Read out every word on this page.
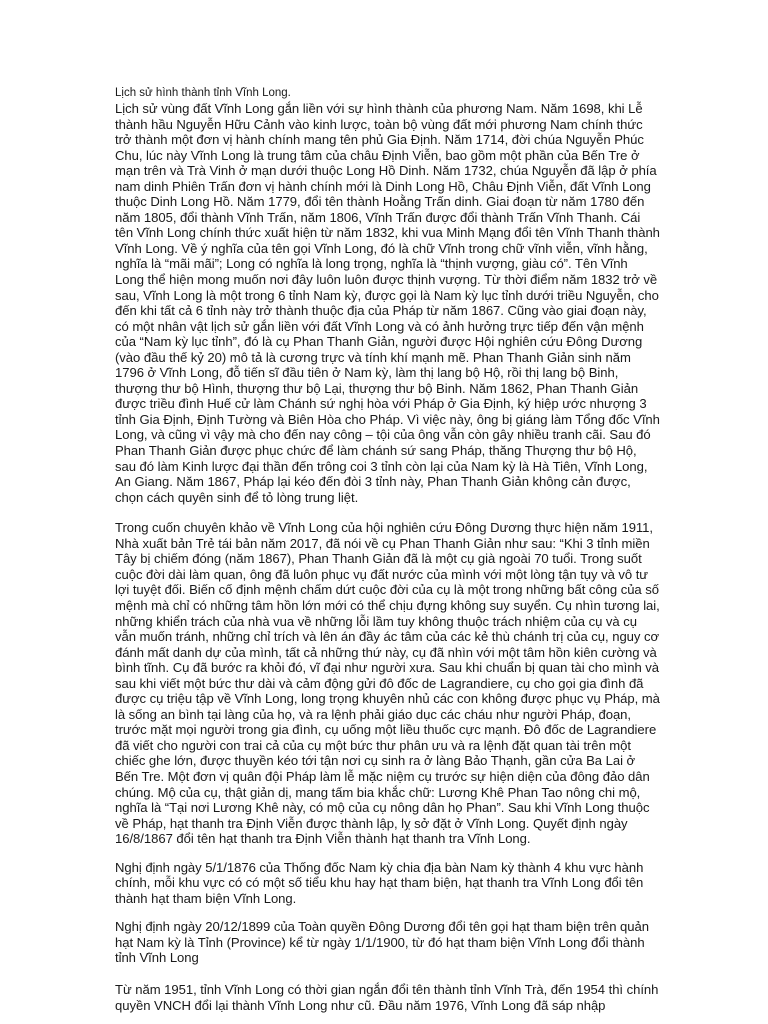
Lịch sử hình thành tỉnh Vĩnh Long.

Lịch sử vùng đất Vĩnh Long gắn liền với sự hình thành của phương Nam. Năm 1698, khi Lễ thành hầu Nguyễn Hữu Cảnh vào kinh lược, toàn bộ vùng đất mới phương Nam chính thức trở thành một đơn vị hành chính mang tên phủ Gia Định. Năm 1714, đời chúa Nguyễn Phúc Chu, lúc này Vĩnh Long là trung tâm của châu Định Viễn, bao gồm một phần của Bến Tre ở mạn trên và Trà Vinh ở mạn dưới thuộc Long Hồ Dinh. Năm 1732, chúa Nguyễn đã lập ở phía nam dinh Phiên Trấn đơn vị hành chính mới là Dinh Long Hồ, Châu Định Viễn, đất Vĩnh Long thuộc Dinh Long Hồ. Năm 1779, đổi tên thành Hoằng Trấn dinh. Giai đoạn từ năm 1780 đến năm 1805, đổi thành Vĩnh Trấn, năm 1806, Vĩnh Trấn được đổi thành Trấn Vĩnh Thanh. Cái tên Vĩnh Long chính thức xuất hiện từ năm 1832, khi vua Minh Mạng đổi tên Vĩnh Thanh thành Vĩnh Long. Về ý nghĩa của tên gọi Vĩnh Long, đó là chữ Vĩnh trong chữ vĩnh viễn, vĩnh hằng, nghĩa là “mãi mãi”; Long có nghĩa là long trọng, nghĩa là “thịnh vượng, giàu có”. Tên Vĩnh Long thể hiện mong muốn nơi đây luôn luôn được thịnh vượng. Từ thời điểm năm 1832 trở về sau, Vĩnh Long là một trong 6 tỉnh Nam kỳ, được gọi là Nam kỳ lục tỉnh dưới triều Nguyễn, cho đến khi tất cả 6 tỉnh này trở thành thuộc địa của Pháp từ năm 1867. Cũng vào giai đoạn này, có một nhân vật lịch sử gắn liền với đất Vĩnh Long và có ảnh hưởng trực tiếp đến vận mệnh của “Nam kỳ lục tỉnh”, đó là cụ Phan Thanh Giản, người được Hội nghiên cứu Đông Dương (vào đầu thế kỷ 20) mô tả là cương trực và tính khí mạnh mẽ. Phan Thanh Giản sinh năm 1796 ở Vĩnh Long, đỗ tiến sĩ đầu tiên ở Nam kỳ, làm thị lang bộ Hộ, rồi thị lang bộ Binh, thượng thư bộ Hình, thượng thư bộ Lại, thượng thư bộ Binh. Năm 1862, Phan Thanh Giản được triều đình Huế cử làm Chánh sứ nghị hòa với Pháp ở Gia Định, ký hiệp ước nhượng 3 tỉnh Gia Định, Định Tường và Biên Hòa cho Pháp. Vì việc này, ông bị giáng làm Tổng đốc Vĩnh Long, và cũng vì vậy mà cho đến nay công – tội của ông vẫn còn gây nhiều tranh cãi. Sau đó Phan Thanh Giản được phục chức để làm chánh sứ sang Pháp, thăng Thượng thư bộ Hộ, sau đó làm Kinh lược đại thần đến trông coi 3 tỉnh còn lại của Nam kỳ là Hà Tiên, Vĩnh Long, An Giang. Năm 1867, Pháp lại kéo đến đòi 3 tỉnh này, Phan Thanh Giản không cản được, chọn cách quyên sinh để tỏ lòng trung liệt.

Trong cuốn chuyên khảo về Vĩnh Long của hội nghiên cứu Đông Dương thực hiện năm 1911, Nhà xuất bản Trẻ tái bản năm 2017, đã nói về cụ Phan Thanh Giản như sau: “Khi 3 tỉnh miền Tây bị chiếm đóng (năm 1867), Phan Thanh Giản đã là một cụ già ngoài 70 tuổi. Trong suốt cuộc đời dài làm quan, ông đã luôn phục vụ đất nước của mình với một lòng tận tụy và vô tư lợi tuyệt đối. Biến cố định mệnh chấm dứt cuộc đời của cụ là một trong những bất công của số mệnh mà chỉ có những tâm hồn lớn mới có thể chịu đựng không suy suyển. Cụ nhìn tương lai, những khiển trách của nhà vua về những lỗi lầm tuy không thuộc trách nhiệm của cụ và cụ vẫn muốn tránh, những chỉ trích và lên án đầy ác tâm của các kẻ thù chánh trị của cụ, nguy cơ đánh mất danh dự của mình, tất cả những thứ này, cụ đã nhìn với một tâm hồn kiên cường và bình tĩnh. Cụ đã bước ra khỏi đó, vĩ đại như người xưa. Sau khi chuẩn bị quan tài cho mình và sau khi viết một bức thư dài và cảm động gửi đô đốc de Lagrandiere, cụ cho gọi gia đình đã được cụ triệu tập về Vĩnh Long, long trọng khuyên nhủ các con không được phục vụ Pháp, mà là sống an bình tại làng của họ, và ra lệnh phải giáo dục các cháu như người Pháp, đoạn, trước mặt mọi người trong gia đình, cụ uống một liều thuốc cực mạnh. Đô đốc de Lagrandiere đã viết cho người con trai cả của cụ một bức thư phân ưu và ra lệnh đặt quan tài trên một chiếc ghe lớn, được thuyền kéo tới tận nơi cụ sinh ra ở làng Bảo Thạnh, gần cửa Ba Lai ở Bến Tre. Một đơn vị quân đội Pháp làm lễ mặc niệm cụ trước sự hiện diện của đông đảo dân chúng. Mộ của cụ, thật giản dị, mang tấm bia khắc chữ: Lương Khê Phan Tao nông chi mộ, nghĩa là “Tại nơi Lương Khê này, có mộ của cụ nông dân họ Phan”. Sau khi Vĩnh Long thuộc về Pháp, hạt thanh tra Định Viễn được thành lập, lỵ sở đặt ở Vĩnh Long. Quyết định ngày 16/8/1867 đổi tên hạt thanh tra Định Viễn thành hạt thanh tra Vĩnh Long.

Nghị định ngày 5/1/1876 của Thống đốc Nam kỳ chia địa bàn Nam kỳ thành 4 khu vực hành chính, mỗi khu vực có có một số tiểu khu hay hạt tham biện, hạt thanh tra Vĩnh Long đổi tên thành hạt tham biện Vĩnh Long.

Nghị định ngày 20/12/1899 của Toàn quyền Đông Dương đổi tên gọi hạt tham biện trên quản hạt Nam kỳ là Tỉnh (Province) kể từ ngày 1/1/1900, từ đó hạt tham biện Vĩnh Long đổi thành tỉnh Vĩnh Long

Từ năm 1951, tỉnh Vĩnh Long có thời gian ngắn đổi tên thành tỉnh Vĩnh Trà, đến 1954 thì chính quyền VNCH đổi lại thành Vĩnh Long như cũ. Đầu năm 1976, Vĩnh Long đã sáp nhập
